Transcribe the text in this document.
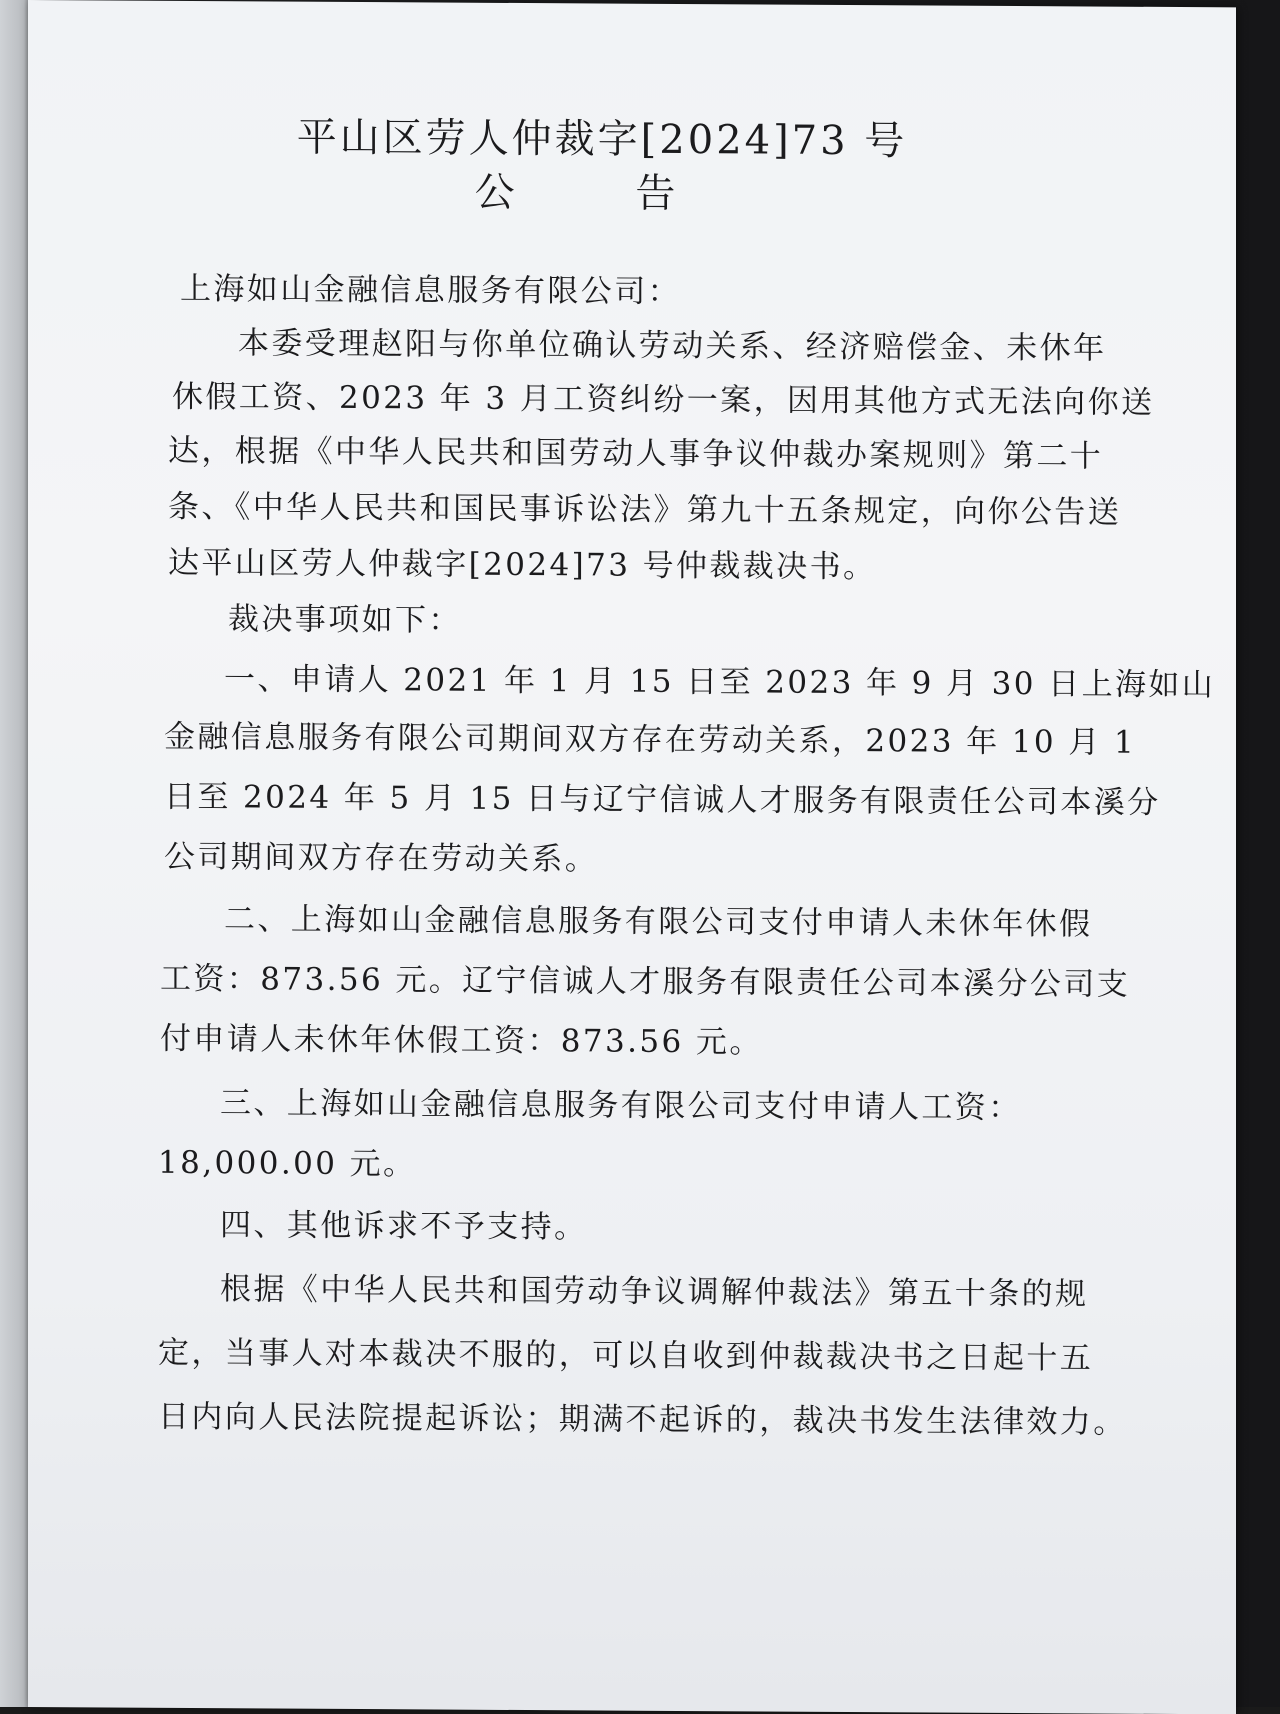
平山区劳人仲裁字[2024]73 号
公 告
上海如山金融信息服务有限公司：
本委受理赵阳与你单位确认劳动关系、经济赔偿金、未休年
休假工资、2023 年 3 月工资纠纷一案，因用其他方式无法向你送
达，根据《中华人民共和国劳动人事争议仲裁办案规则》第二十
条、《中华人民共和国民事诉讼法》第九十五条规定，向你公告送
达平山区劳人仲裁字[2024]73 号仲裁裁决书。
裁决事项如下：
一、申请人 2021 年 1 月 15 日至 2023 年 9 月 30 日上海如山
金融信息服务有限公司期间双方存在劳动关系，2023 年 10 月 1
日至 2024 年 5 月 15 日与辽宁信诚人才服务有限责任公司本溪分
公司期间双方存在劳动关系。
二、上海如山金融信息服务有限公司支付申请人未休年休假
工资：873.56 元。辽宁信诚人才服务有限责任公司本溪分公司支
付申请人未休年休假工资：873.56 元。
三、上海如山金融信息服务有限公司支付申请人工资：
18,000.00 元。
四、其他诉求不予支持。
根据《中华人民共和国劳动争议调解仲裁法》第五十条的规
定，当事人对本裁决不服的，可以自收到仲裁裁决书之日起十五
日内向人民法院提起诉讼；期满不起诉的，裁决书发生法律效力。
